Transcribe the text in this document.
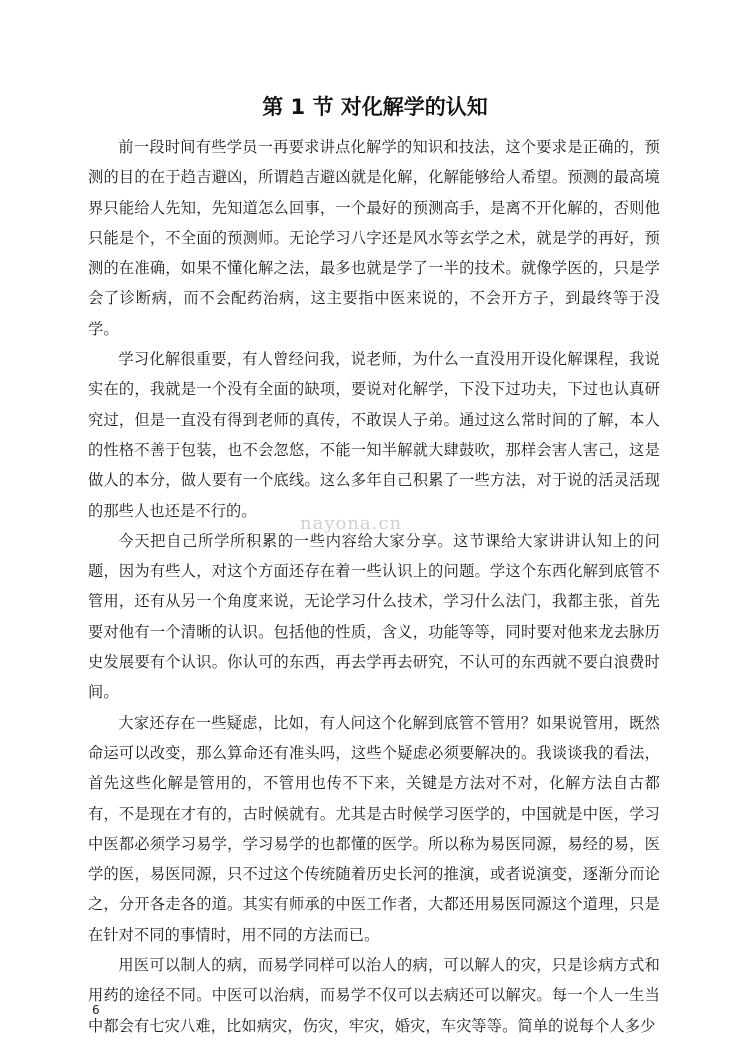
第 1 节 对化解学的认知

前一段时间有些学员一再要求讲点化解学的知识和技法，这个要求是正确的，预测的目的在于趋吉避凶，所谓趋吉避凶就是化解，化解能够给人希望。预测的最高境界只能给人先知，先知道怎么回事，一个最好的预测高手，是离不开化解的，否则他只能是个，不全面的预测师。无论学习八字还是风水等玄学之术，就是学的再好，预测的在准确，如果不懂化解之法，最多也就是学了一半的技术。就像学医的，只是学会了诊断病，而不会配药治病，这主要指中医来说的，不会开方子，到最终等于没学。

学习化解很重要，有人曾经问我，说老师，为什么一直没用开设化解课程，我说实在的，我就是一个没有全面的缺项，要说对化解学，下没下过功夫，下过也认真研究过，但是一直没有得到老师的真传，不敢误人子弟。通过这么常时间的了解，本人的性格不善于包装，也不会忽悠，不能一知半解就大肆鼓吹，那样会害人害己，这是做人的本分，做人要有一个底线。这么多年自己积累了一些方法，对于说的活灵活现的那些人也还是不行的。

今天把自己所学所积累的一些内容给大家分享。这节课给大家讲讲认知上的问题，因为有些人，对这个方面还存在着一些认识上的问题。学这个东西化解到底管不管用，还有从另一个角度来说，无论学习什么技术，学习什么法门，我都主张，首先要对他有一个清晰的认识。包括他的性质，含义，功能等等，同时要对他来龙去脉历史发展要有个认识。你认可的东西，再去学再去研究，不认可的东西就不要白浪费时间。

大家还存在一些疑虑，比如，有人问这个化解到底管不管用？如果说管用，既然命运可以改变，那么算命还有准头吗，这些个疑虑必须要解决的。我谈谈我的看法，首先这些化解是管用的，不管用也传不下来，关键是方法对不对，化解方法自古都有，不是现在才有的，古时候就有。尤其是古时候学习医学的，中国就是中医，学习中医都必须学习易学，学习易学的也都懂的医学。所以称为易医同源，易经的易，医学的医，易医同源，只不过这个传统随着历史长河的推演，或者说演变，逐渐分而论之，分开各走各的道。其实有师承的中医工作者，大都还用易医同源这个道理，只是在针对不同的事情时，用不同的方法而已。

用医可以制人的病，而易学同样可以治人的病，可以解人的灾，只是诊病方式和用药的途径不同。中医可以治病，而易学不仅可以去病还可以解灾。每一个人一生当中都会有七灾八难，比如病灾，伤灾，牢灾，婚灾，车灾等等。简单的说每个人多少

nayona.cn
6
